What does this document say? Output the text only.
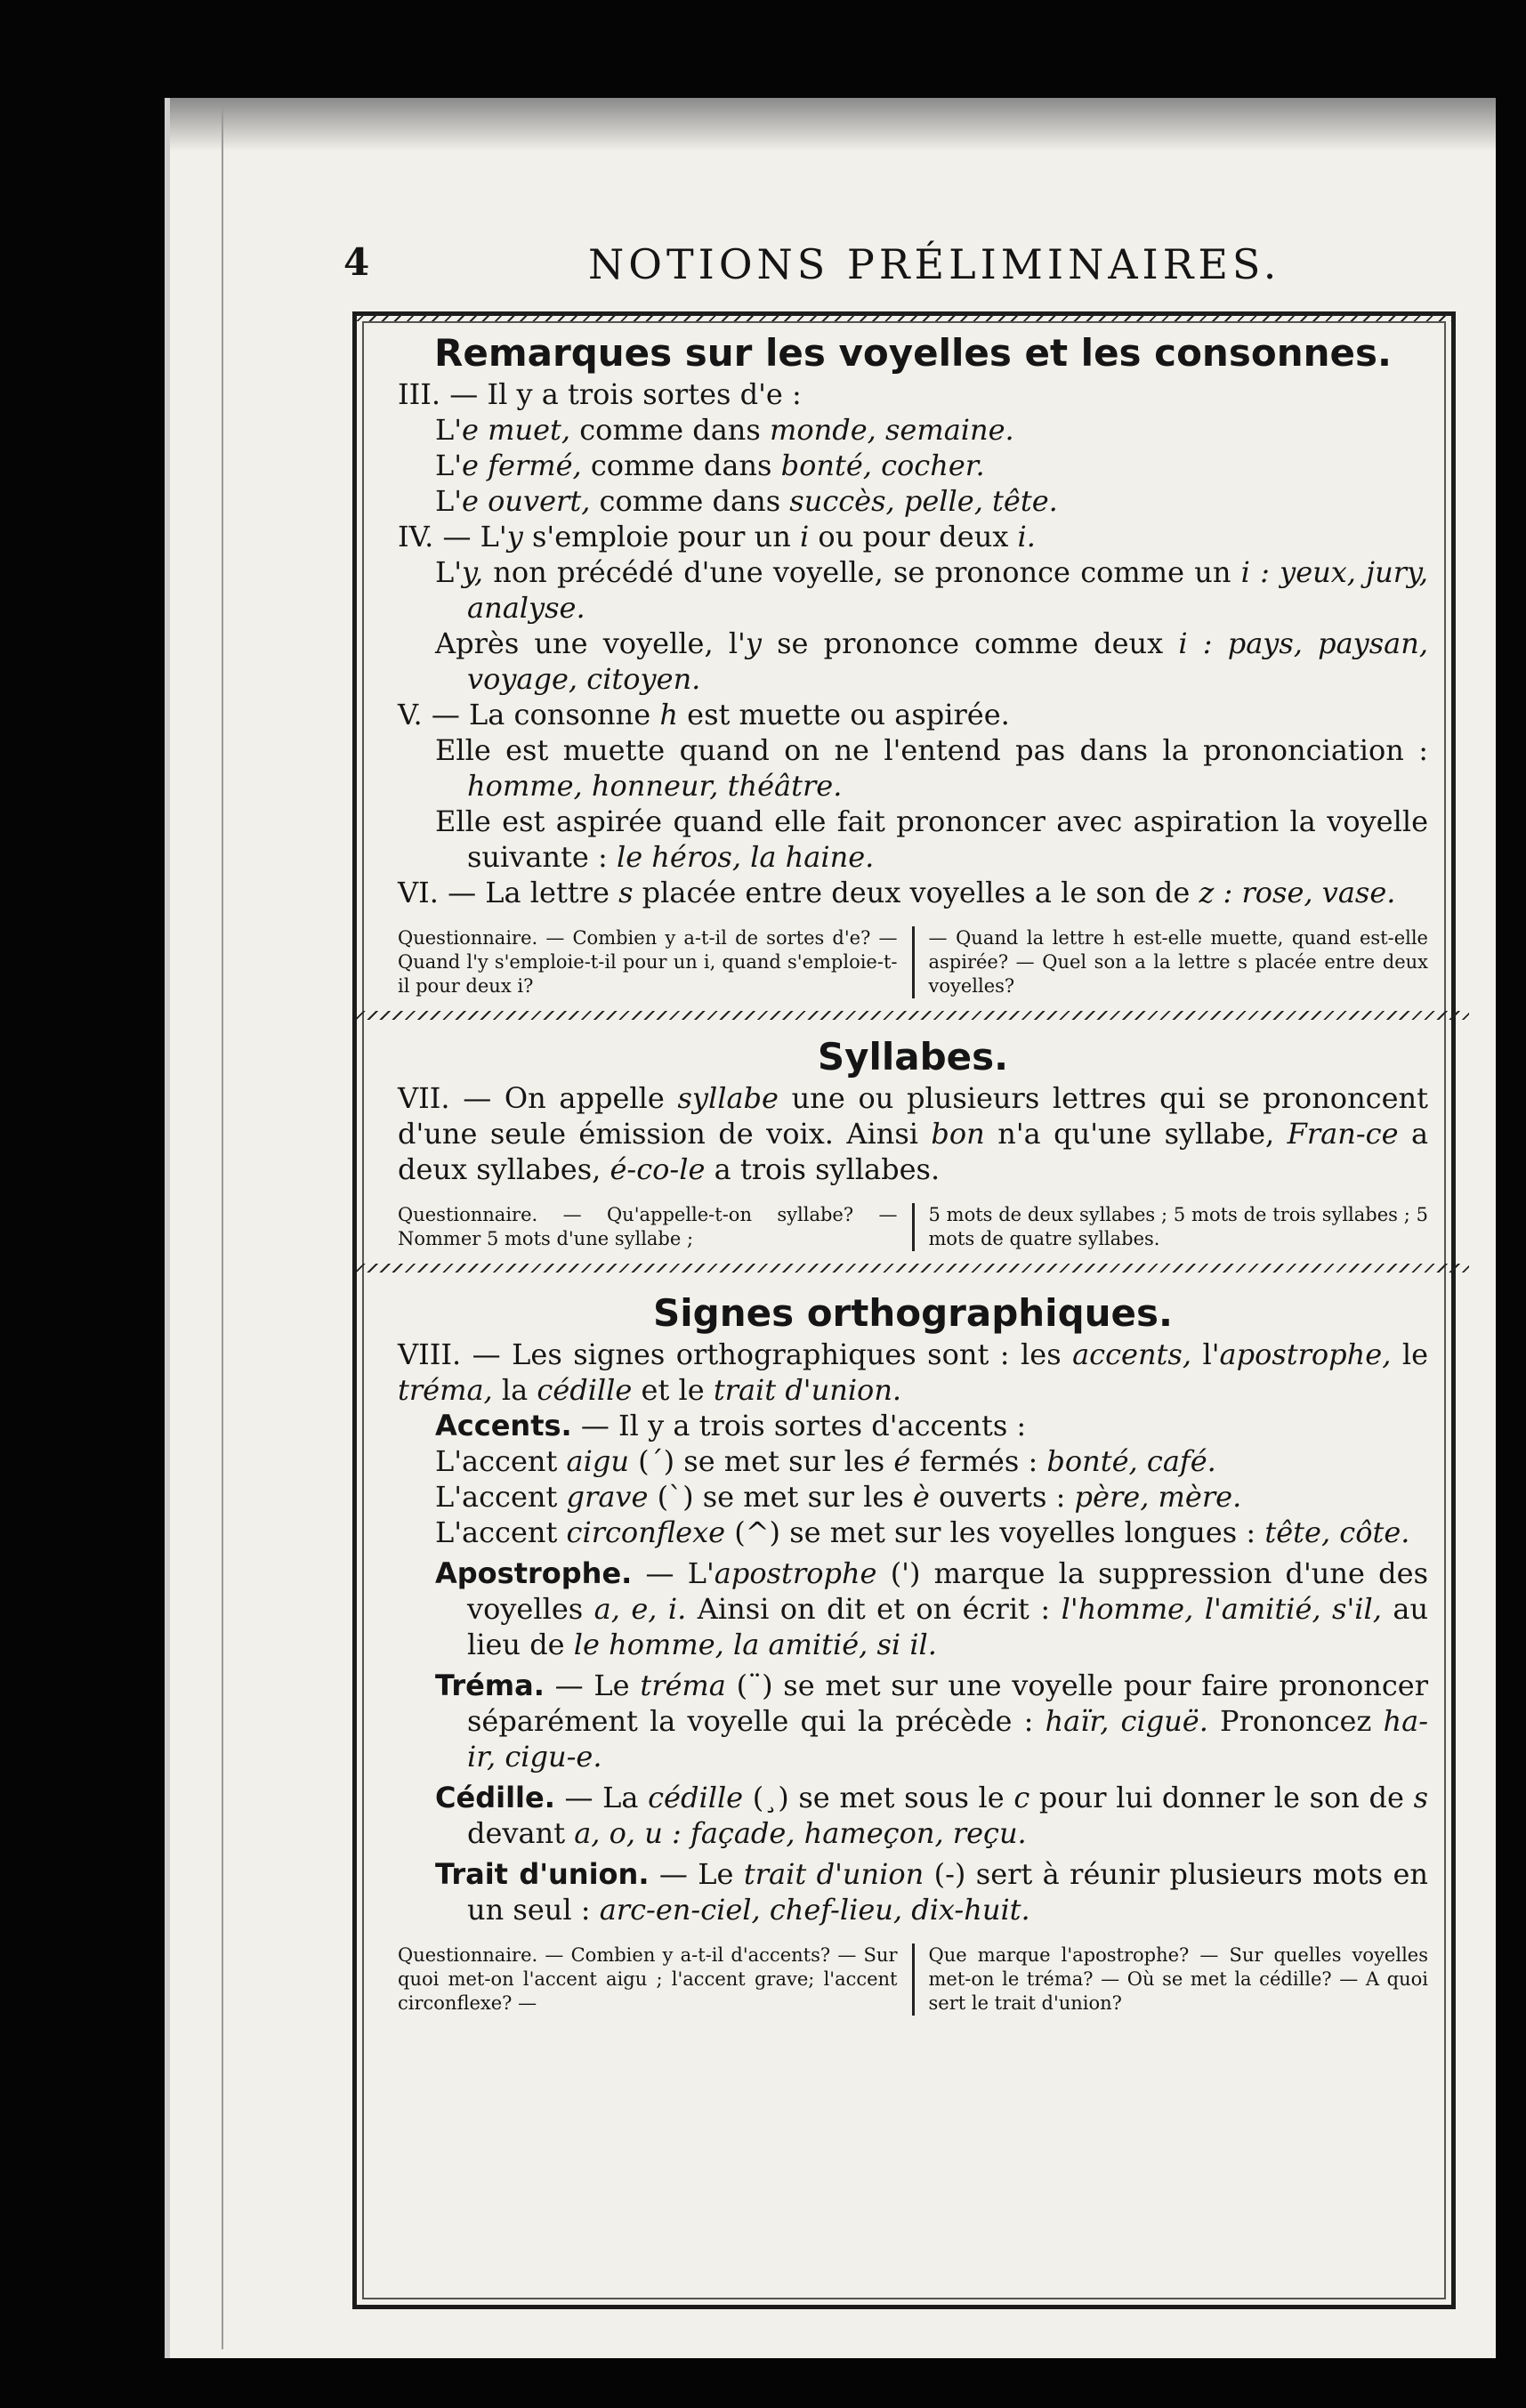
4	NOTIONS PRÉLIMINAIRES.
Remarques sur les voyelles et les consonnes.

III. — Il y a trois sortes d'e :

L'e muet, comme dans monde, semaine.

L'e fermé, comme dans bonté, cocher.

L'e ouvert, comme dans succès, pelle, tête.

IV. — L'y s'emploie pour un i ou pour deux i.

L'y, non précédé d'une voyelle, se prononce comme un i : yeux, jury, analyse.

Après une voyelle, l'y se prononce comme deux i : pays, paysan, voyage, citoyen.

V. — La consonne h est muette ou aspirée.

Elle est muette quand on ne l'entend pas dans la prononciation : homme, honneur, théâtre.

Elle est aspirée quand elle fait prononcer avec aspiration la voyelle suivante : le héros, la haine.

VI. — La lettre s placée entre deux voyelles a le son de z : rose, vase.

Questionnaire. — Combien y a-t-il de sortes d'e? — Quand l'y s'emploie-t-il pour un i, quand s'emploie-t-il pour deux i?
— Quand la lettre h est-elle muette, quand est-elle aspirée? — Quel son a la lettre s placée entre deux voyelles?
Syllabes.

VII. — On appelle syllabe une ou plusieurs lettres qui se prononcent d'une seule émission de voix. Ainsi bon n'a qu'une syllabe, Fran-ce a deux syllabes, é-co-le a trois syllabes.

Questionnaire. — Qu'appelle-t-on syllabe? — Nommer 5 mots d'une syllabe ;
5 mots de deux syllabes ; 5 mots de trois syllabes ; 5 mots de quatre syllabes.
Signes orthographiques.

VIII. — Les signes orthographiques sont : les accents, l'apostrophe, le tréma, la cédille et le trait d'union.

Accents. — Il y a trois sortes d'accents :

L'accent aigu (´) se met sur les é fermés : bonté, café.

L'accent grave (`) se met sur les è ouverts : père, mère.

L'accent circonflexe (^) se met sur les voyelles longues : tête, côte.

Apostrophe. — L'apostrophe (') marque la suppression d'une des voyelles a, e, i. Ainsi on dit et on écrit : l'homme, l'amitié, s'il, au lieu de le homme, la amitié, si il.

Tréma. — Le tréma (¨) se met sur une voyelle pour faire prononcer séparément la voyelle qui la précède : haïr, ciguë. Prononcez ha-ir, cigu-e.

Cédille. — La cédille (¸) se met sous le c pour lui donner le son de s devant a, o, u : façade, hameçon, reçu.

Trait d'union. — Le trait d'union (-) sert à réunir plusieurs mots en un seul : arc-en-ciel, chef-lieu, dix-huit.

Questionnaire. — Combien y a-t-il d'accents? — Sur quoi met-on l'accent aigu ; l'accent grave; l'accent circonflexe? —
Que marque l'apostrophe? — Sur quelles voyelles met-on le tréma? — Où se met la cédille? — A quoi sert le trait d'union?
